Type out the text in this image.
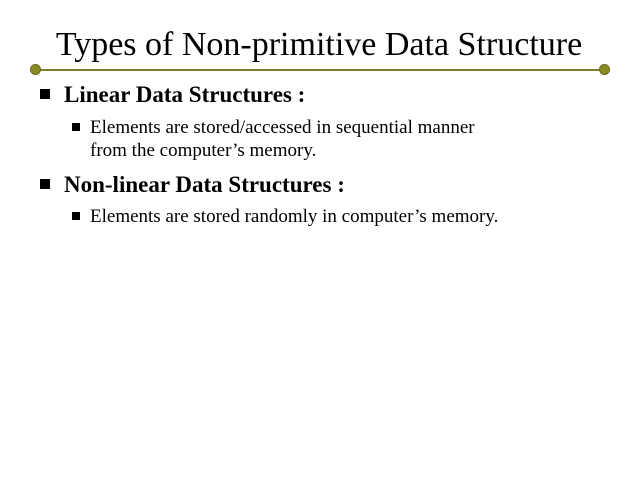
Types of Non-primitive Data Structure
Linear Data Structures :
Elements are stored/accessed in sequential manner
from the computer’s memory.
Non-linear Data Structures :
Elements are stored randomly in computer’s memory.
